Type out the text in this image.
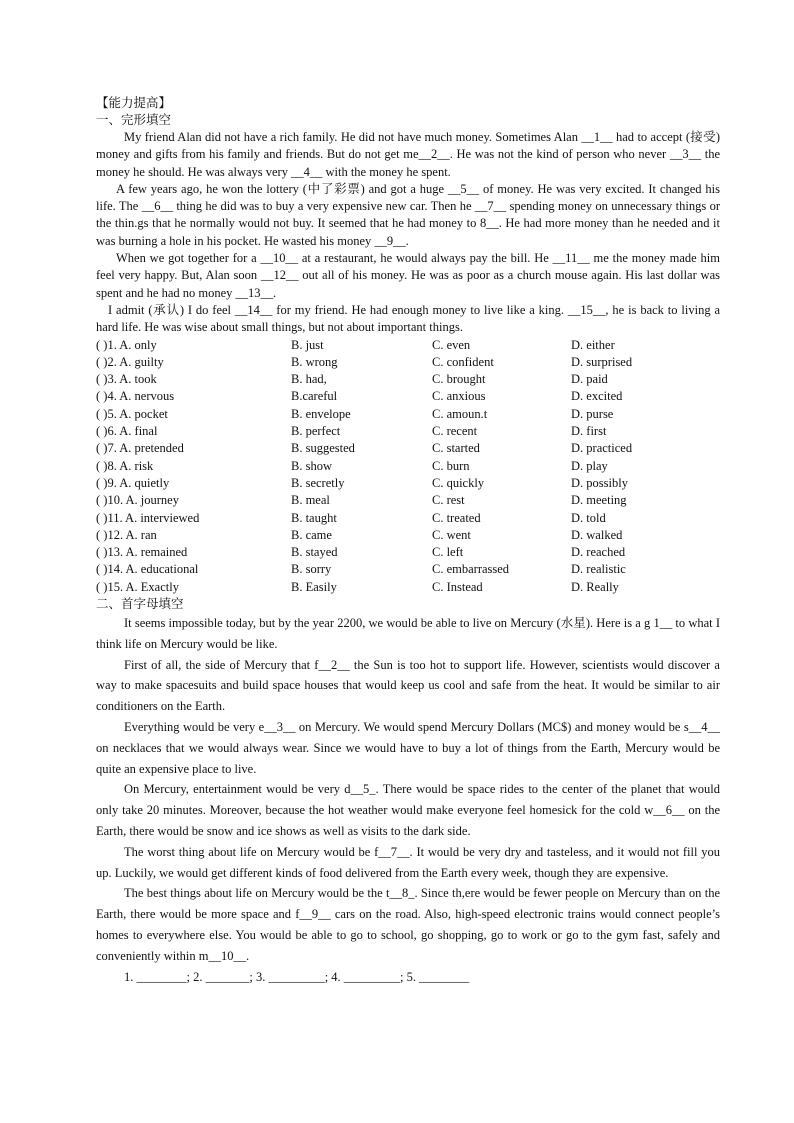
【能力提高】

一、完形填空

My friend Alan did not have a rich family. He did not have much money. Sometimes Alan __1__ had to accept (接受) money and gifts from his family and friends. But do not get me__2__. He was not the kind of person who never __3__ the money he should. He was always very __4__ with the money he spent.

A few years ago, he won the lottery (中了彩票) and got a huge __5__ of money. He was very excited. It changed his life. The __6__ thing he did was to buy a very expensive new car. Then he __7__ spending money on unnecessary things or the thin.gs that he normally would not buy. It seemed that he had money to 8__. He had more money than he needed and it was burning a hole in his pocket. He wasted his money __9__.

When we got together for a __10__ at a restaurant, he would always pay the bill. He __11__ me the money made him feel very happy. But, Alan soon __12__ out all of his money. He was as poor as a church mouse again. His last dollar was spent and he had no money __13__.

I admit (承认) I do feel __14__ for my friend. He had enough money to live like a king. __15__, he is back to living a hard life. He was wise about small things, but not about important things.

( )1. A. only	B. just	C. even	D. either
( )2. A. guilty	B. wrong	C. confident	D. surprised
( )3. A. took	B. had,	C. brought	D. paid
( )4. A. nervous	B.careful	C. anxious	D. excited
( )5. A. pocket	B. envelope	C. amoun.t	D. purse
( )6. A. final	B. perfect	C. recent	D. first
( )7. A. pretended	B. suggested	C. started	D. practiced
( )8. A. risk	B. show	C. burn	D. play
( )9. A. quietly	B. secretly	C. quickly	D. possibly
( )10. A. journey	B. meal	C. rest	D. meeting
( )11. A. interviewed	B. taught	C. treated	D. told
( )12. A. ran	B. came	C. went	D. walked
( )13. A. remained	B. stayed	C. left	D. reached
( )14. A. educational	B. sorry	C. embarrassed	D. realistic
( )15. A. Exactly	B. Easily	C. Instead	D. Really

二、首字母填空

It seems impossible today, but by the year 2200, we would be able to live on Mercury (水星). Here is a g 1__ to what I think life on Mercury would be like.

First of all, the side of Mercury that f__2__ the Sun is too hot to support life. However, scientists would discover a way to make spacesuits and build space houses that would keep us cool and safe from the heat. It would be similar to air conditioners on the Earth.

Everything would be very e__3__ on Mercury. We would spend Mercury Dollars (MC$) and money would be s__4__ on necklaces that we would always wear. Since we would have to buy a lot of things from the Earth, Mercury would be quite an expensive place to live.

On Mercury, entertainment would be very d__5_. There would be space rides to the center of the planet that would only take 20 minutes. Moreover, because the hot weather would make everyone feel homesick for the cold w__6__ on the Earth, there would be snow and ice shows as well as visits to the dark side.

The worst thing about life on Mercury would be f__7__. It would be very dry and tasteless, and it would not fill you up. Luckily, we would get different kinds of food delivered from the Earth every week, though they are expensive.

The best things about life on Mercury would be the t__8_. Since th,ere would be fewer people on Mercury than on the Earth, there would be more space and f__9__ cars on the road. Also, high-speed electronic trains would connect people’s homes to everywhere else. You would be able to go to school, go shopping, go to work or go to the gym fast, safely and conveniently within m__10__.

1. ________; 2. _______; 3. _________; 4. _________; 5. ________
